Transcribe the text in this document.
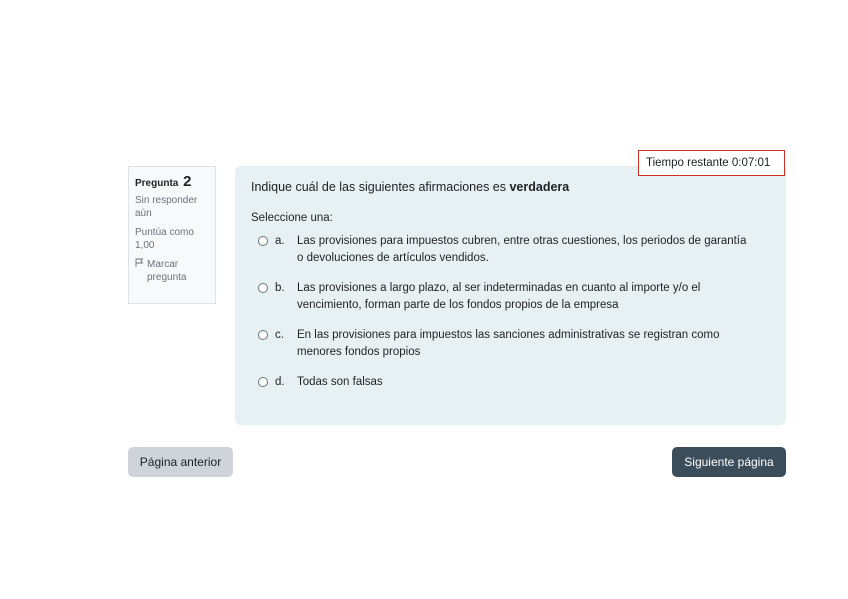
Pregunta 2
Sin responder aún
Puntúa como 1,00
Marcar pregunta
Tiempo restante 0:07:01
Indique cuál de las siguientes afirmaciones es verdadera
Seleccione una:
a.	Las provisiones para impuestos cubren, entre otras cuestiones, los periodos de garantía o devoluciones de artículos vendidos.
b.	Las provisiones a largo plazo, al ser indeterminadas en cuanto al importe y/o el vencimiento, forman parte de los fondos propios de la empresa
c.	En las provisiones para impuestos las sanciones administrativas se registran como menores fondos propios
d.	Todas son falsas
Página anterior	Siguiente página
